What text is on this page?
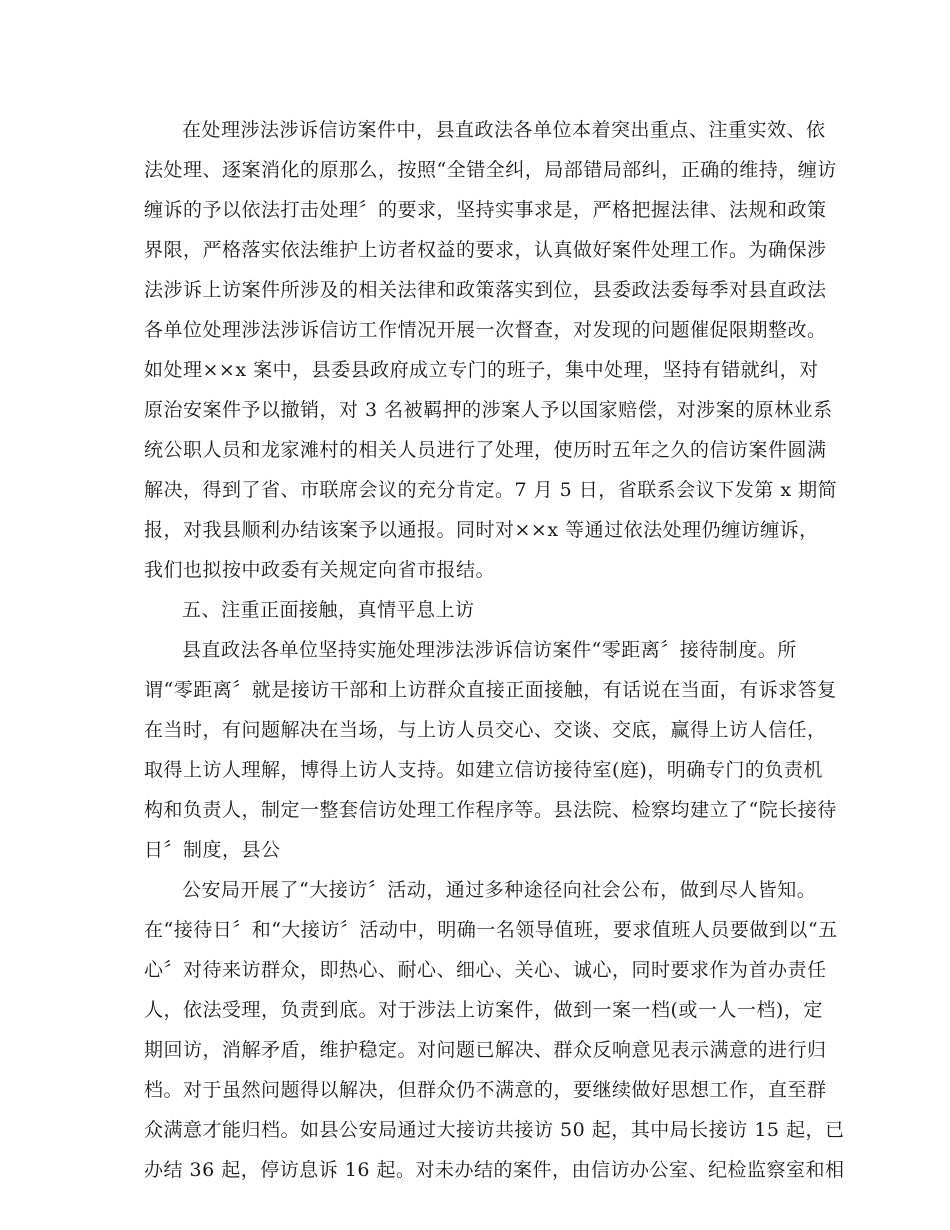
在处理涉法涉诉信访案件中，县直政法各单位本着突出重点、注重实效、依
法处理、逐案消化的原那么，按照“全错全纠，局部错局部纠，正确的维持，缠访
缠诉的予以依法打击处理〞的要求，坚持实事求是，严格把握法律、法规和政策
界限，严格落实依法维护上访者权益的要求，认真做好案件处理工作。为确保涉
法涉诉上访案件所涉及的相关法律和政策落实到位，县委政法委每季对县直政法
各单位处理涉法涉诉信访工作情况开展一次督查，对发现的问题催促限期整改。
如处理××x 案中，县委县政府成立专门的班子，集中处理，坚持有错就纠，对
原治安案件予以撤销，对 3 名被羁押的涉案人予以国家赔偿，对涉案的原林业系
统公职人员和龙家滩村的相关人员进行了处理，使历时五年之久的信访案件圆满
解决，得到了省、市联席会议的充分肯定。7 月 5 日，省联系会议下发第 x 期简
报，对我县顺利办结该案予以通报。同时对××x 等通过依法处理仍缠访缠诉，
我们也拟按中政委有关规定向省市报结。
五、注重正面接触，真情平息上访
县直政法各单位坚持实施处理涉法涉诉信访案件“零距离〞接待制度。所
谓“零距离〞就是接访干部和上访群众直接正面接触，有话说在当面，有诉求答复
在当时，有问题解决在当场，与上访人员交心、交谈、交底，赢得上访人信任，
取得上访人理解，博得上访人支持。如建立信访接待室(庭)，明确专门的负责机
构和负责人，制定一整套信访处理工作程序等。县法院、检察均建立了“院长接待
日〞制度，县公
公安局开展了“大接访〞活动，通过多种途径向社会公布，做到尽人皆知。
在“接待日〞和“大接访〞活动中，明确一名领导值班，要求值班人员要做到以“五
心〞对待来访群众，即热心、耐心、细心、关心、诚心，同时要求作为首办责任
人，依法受理，负责到底。对于涉法上访案件，做到一案一档(或一人一档)，定
期回访，消解矛盾，维护稳定。对问题已解决、群众反响意见表示满意的进行归
档。对于虽然问题得以解决，但群众仍不满意的，要继续做好思想工作，直至群
众满意才能归档。如县公安局通过大接访共接访 50 起，其中局长接访 15 起，已
办结 36 起，停访息诉 16 起。对未办结的案件，由信访办公室、纪检监察室和相
